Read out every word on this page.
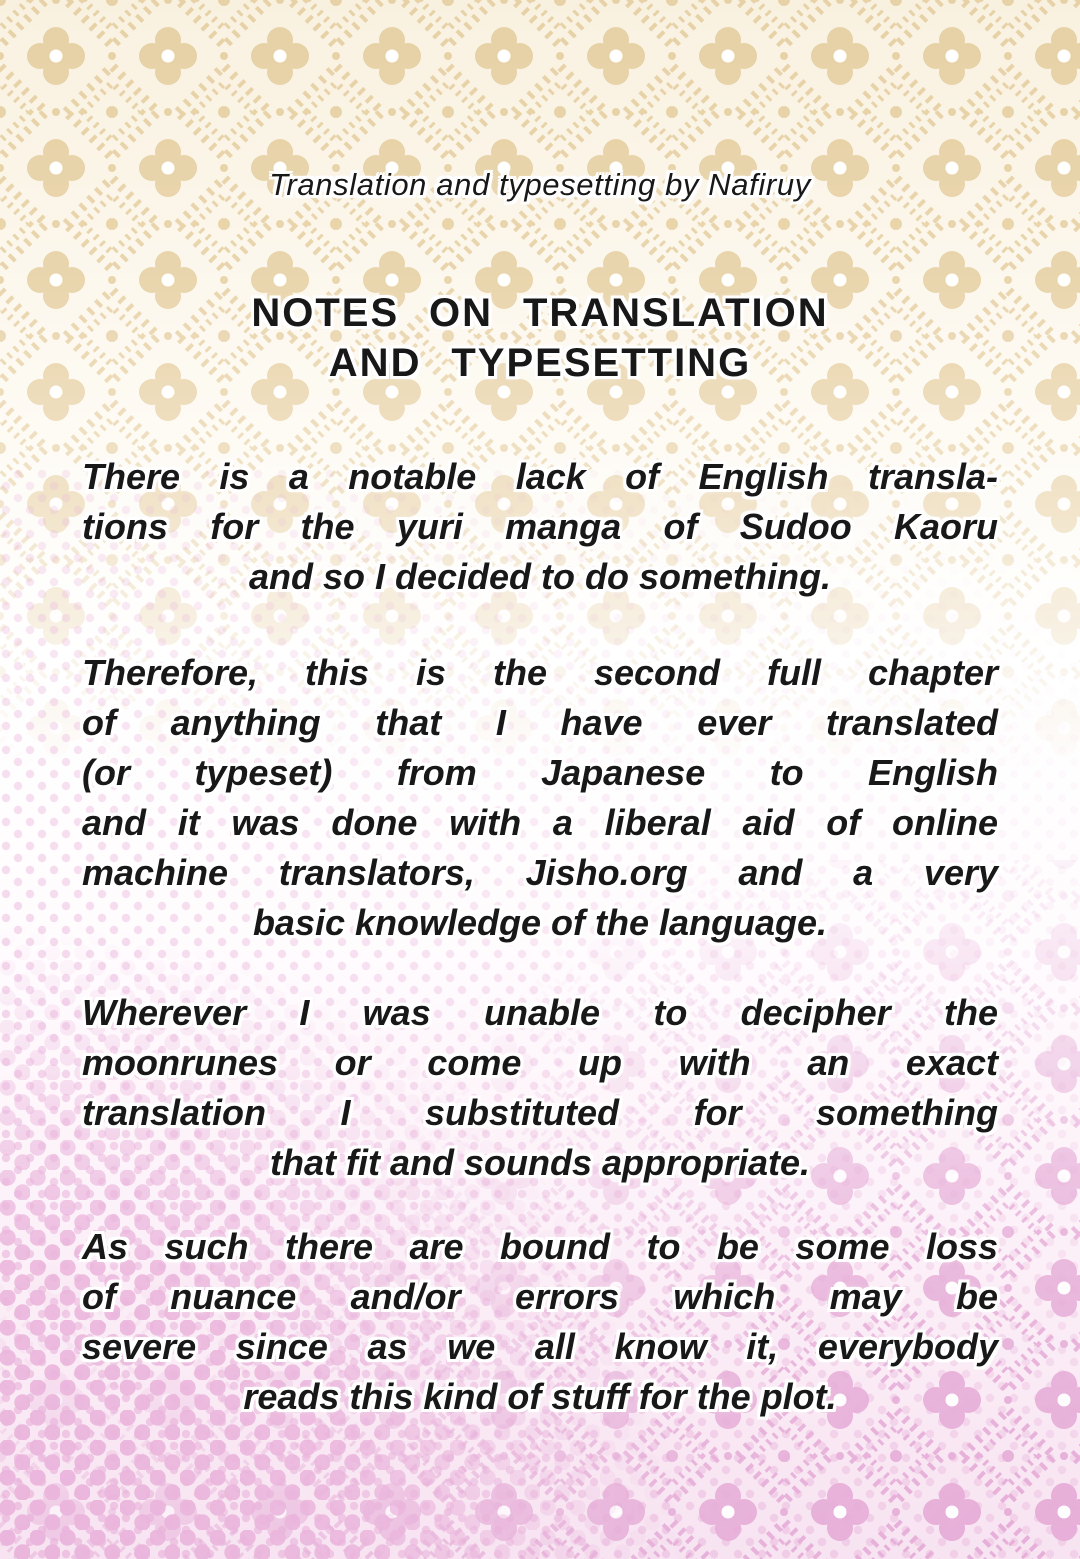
Translation and typesetting by Nafiruy
NOTES ON TRANSLATION
AND TYPESETTING
There is a notable lack of English transla-
tions for the yuri manga of Sudoo Kaoru
and so I decided to do something.
Therefore, this is the second full chapter
of anything that I have ever translated
(or typeset) from Japanese to English
and it was done with a liberal aid of online
machine translators, Jisho.org and a very
basic knowledge of the language.
Wherever I was unable to decipher the
moonrunes or come up with an exact
translation I substituted for something
that fit and sounds appropriate.
As such there are bound to be some loss
of nuance and/or errors which may be
severe since as we all know it, everybody
reads this kind of stuff for the plot.
